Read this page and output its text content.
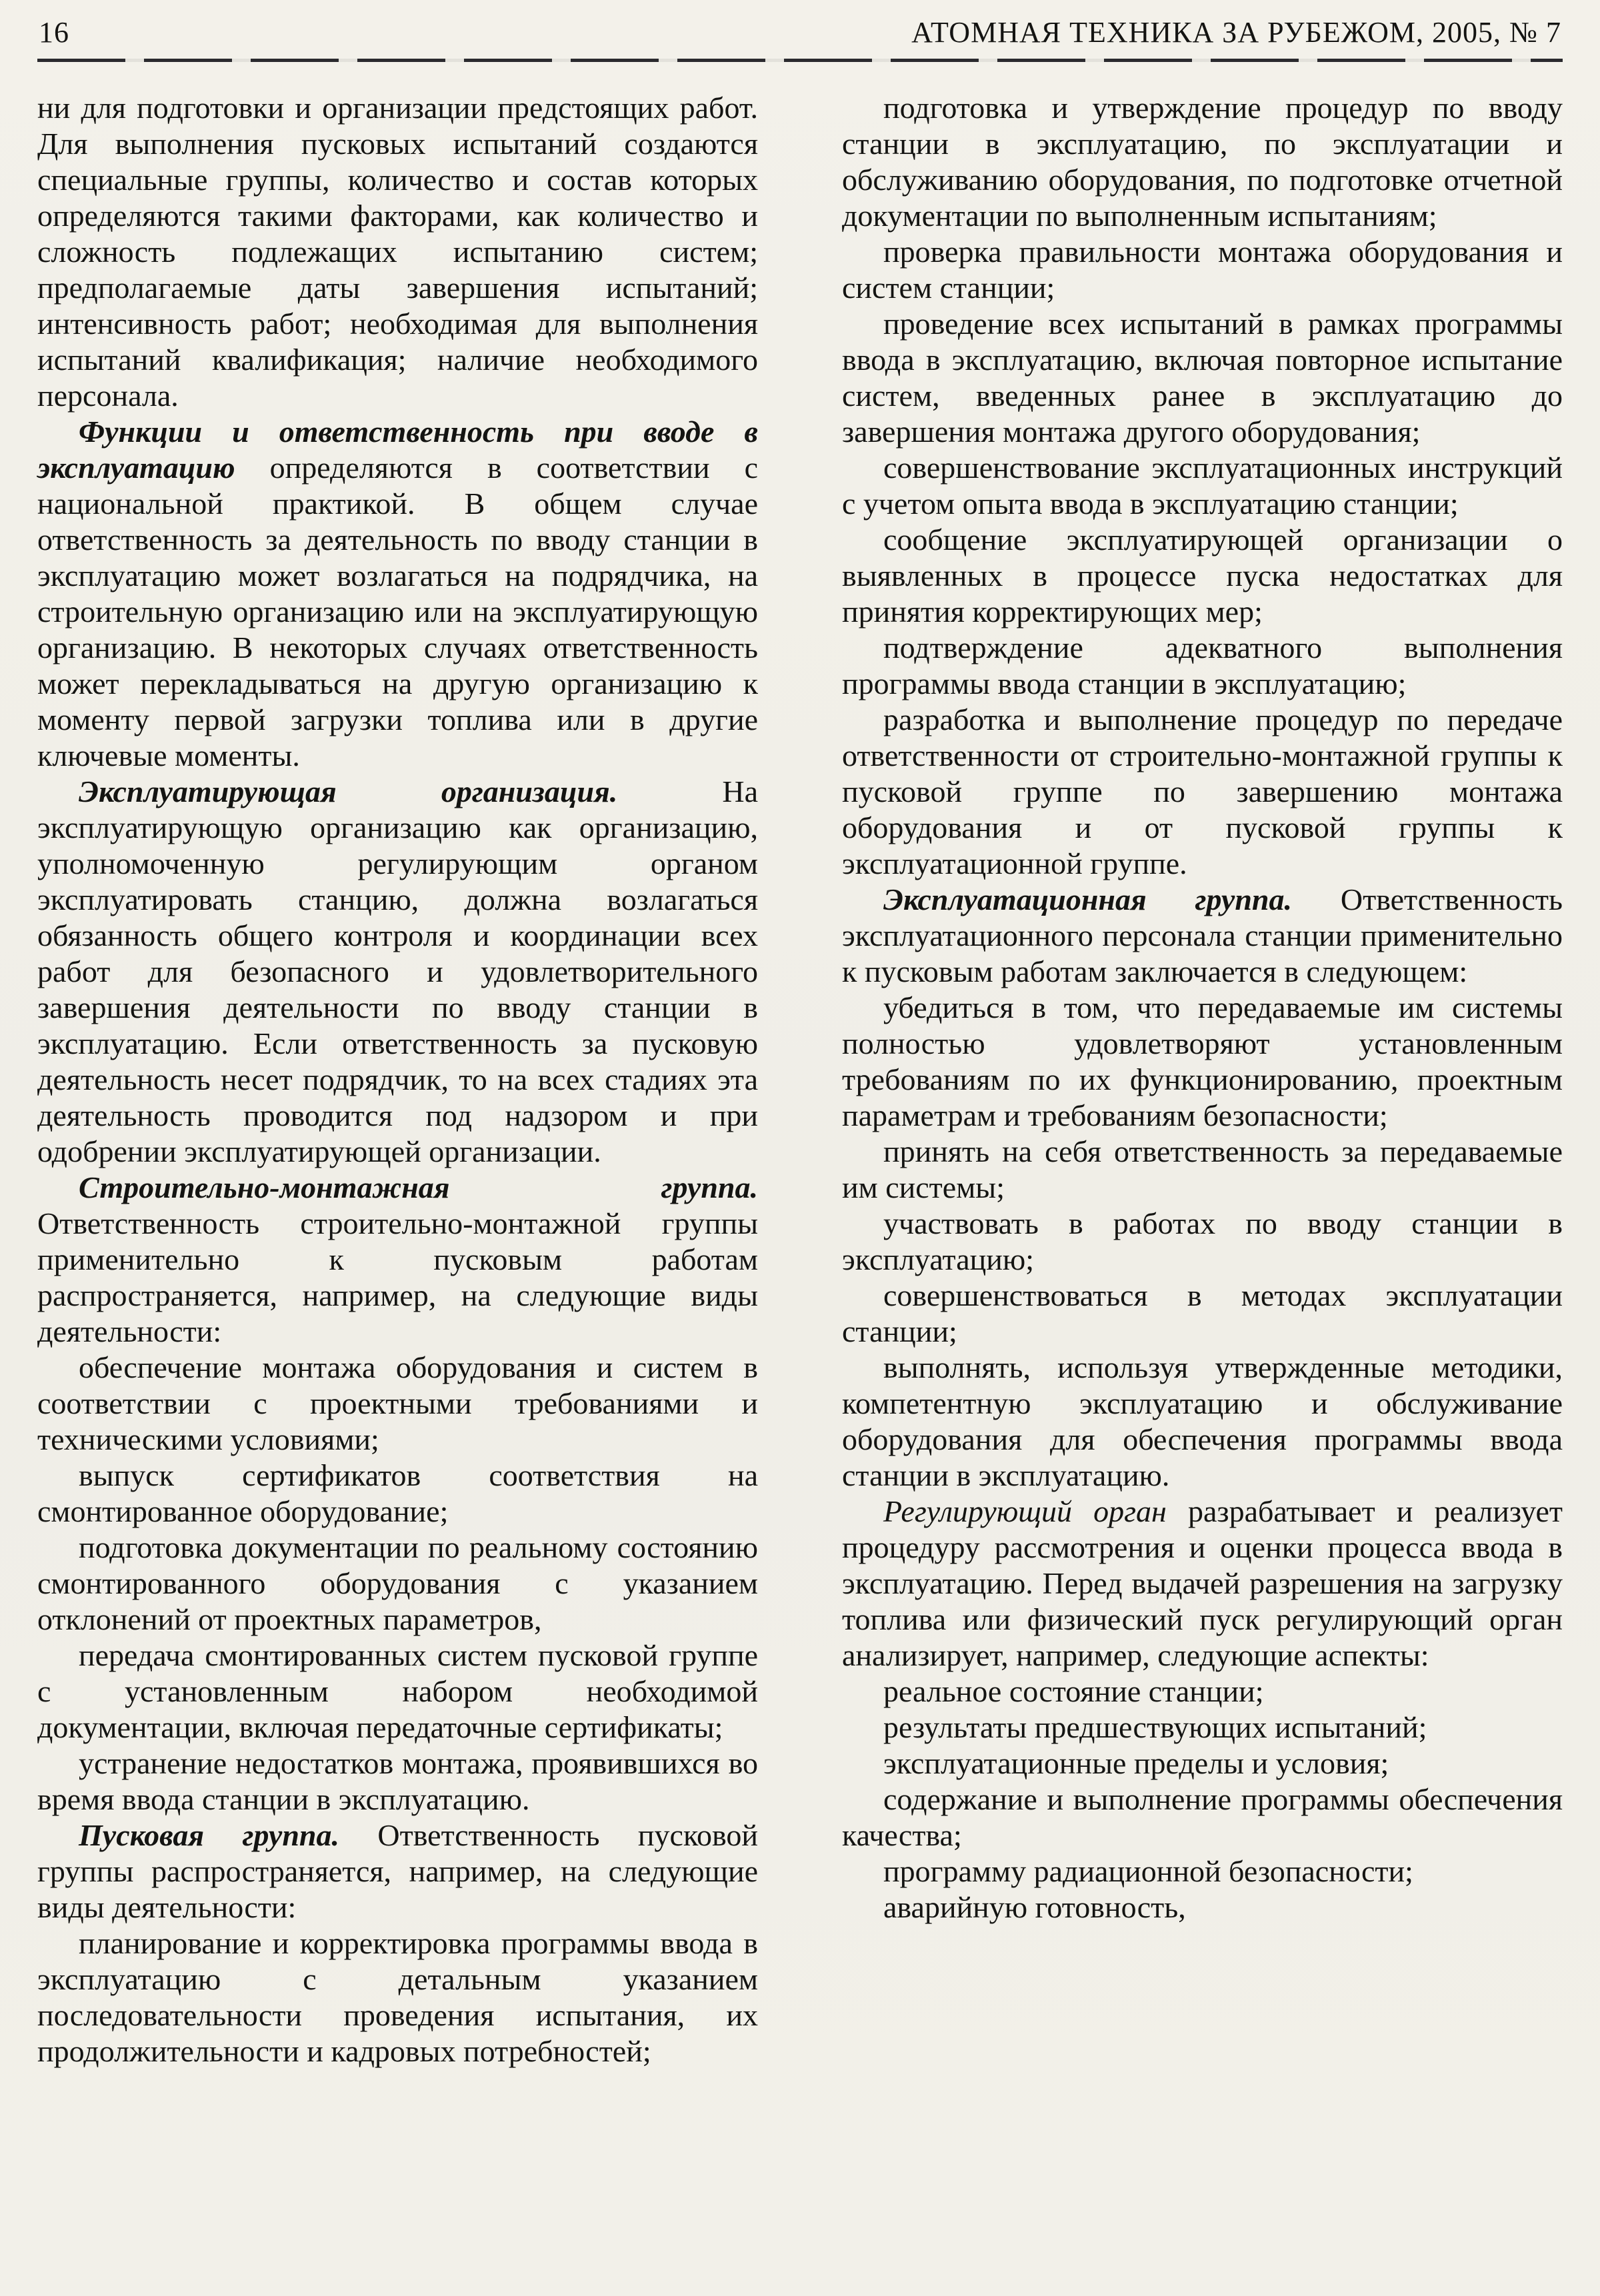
16	АТОМНАЯ ТЕХНИКА ЗА РУБЕЖОМ, 2005, № 7

ни для подготовки и организации предстоящих работ. Для выполнения пусковых испытаний создаются специальные группы, количество и состав которых определяются такими факторами, как количество и сложность подлежащих испытанию систем; предполагаемые даты завершения испытаний; интенсивность работ; необходимая для выполнения испытаний квалификация; наличие необходимого персонала.

Функции и ответственность при вводе в эксплуатацию определяются в соответствии с национальной практикой. В общем случае ответственность за деятельность по вводу станции в эксплуатацию может возлагаться на подрядчика, на строительную организацию или на эксплуатирующую организацию. В некоторых случаях ответственность может перекладываться на другую организацию к моменту первой загрузки топлива или в другие ключевые моменты.

Эксплуатирующая организация. На эксплуатирующую организацию как организацию, уполномоченную регулирующим органом эксплуатировать станцию, должна возлагаться обязанность общего контроля и координации всех работ для безопасного и удовлетворительного завершения деятельности по вводу станции в эксплуатацию. Если ответственность за пусковую деятельность несет подрядчик, то на всех стадиях эта деятельность проводится под надзором и при одобрении эксплуатирующей организации.

Строительно-монтажная группа. Ответственность строительно-монтажной группы применительно к пусковым работам распространяется, например, на следующие виды деятельности:

обеспечение монтажа оборудования и систем в соответствии с проектными требованиями и техническими условиями;

выпуск сертификатов соответствия на смонтированное оборудование;

подготовка документации по реальному состоянию смонтированного оборудования с указанием отклонений от проектных параметров,

передача смонтированных систем пусковой группе с установленным набором необходимой документации, включая передаточные сертификаты;

устранение недостатков монтажа, проявившихся во время ввода станции в эксплуатацию.

Пусковая группа. Ответственность пусковой группы распространяется, например, на следующие виды деятельности:

планирование и корректировка программы ввода в эксплуатацию с детальным указанием последовательности проведения испытания, их продолжительности и кадровых потребностей;

подготовка и утверждение процедур по вводу станции в эксплуатацию, по эксплуатации и обслуживанию оборудования, по подготовке отчетной документации по выполненным испытаниям;

проверка правильности монтажа оборудования и систем станции;

проведение всех испытаний в рамках программы ввода в эксплуатацию, включая повторное испытание систем, введенных ранее в эксплуатацию до завершения монтажа другого оборудования;

совершенствование эксплуатационных инструкций с учетом опыта ввода в эксплуатацию станции;

сообщение эксплуатирующей организации о выявленных в процессе пуска недостатках для принятия корректирующих мер;

подтверждение адекватного выполнения программы ввода станции в эксплуатацию;

разработка и выполнение процедур по передаче ответственности от строительно-монтажной группы к пусковой группе по завершению монтажа оборудования и от пусковой группы к эксплуатационной группе.

Эксплуатационная группа. Ответственность эксплуатационного персонала станции применительно к пусковым работам заключается в следующем:

убедиться в том, что передаваемые им системы полностью удовлетворяют установленным требованиям по их функционированию, проектным параметрам и требованиям безопасности;

принять на себя ответственность за передаваемые им системы;

участвовать в работах по вводу станции в эксплуатацию;

совершенствоваться в методах эксплуатации станции;

выполнять, используя утвержденные методики, компетентную эксплуатацию и обслуживание оборудования для обеспечения программы ввода станции в эксплуатацию.

Регулирующий орган разрабатывает и реализует процедуру рассмотрения и оценки процесса ввода в эксплуатацию. Перед выдачей разрешения на загрузку топлива или физический пуск регулирующий орган анализирует, например, следующие аспекты:

реальное состояние станции;

результаты предшествующих испытаний;

эксплуатационные пределы и условия;

содержание и выполнение программы обеспечения качества;

программу радиационной безопасности;

аварийную готовность,
